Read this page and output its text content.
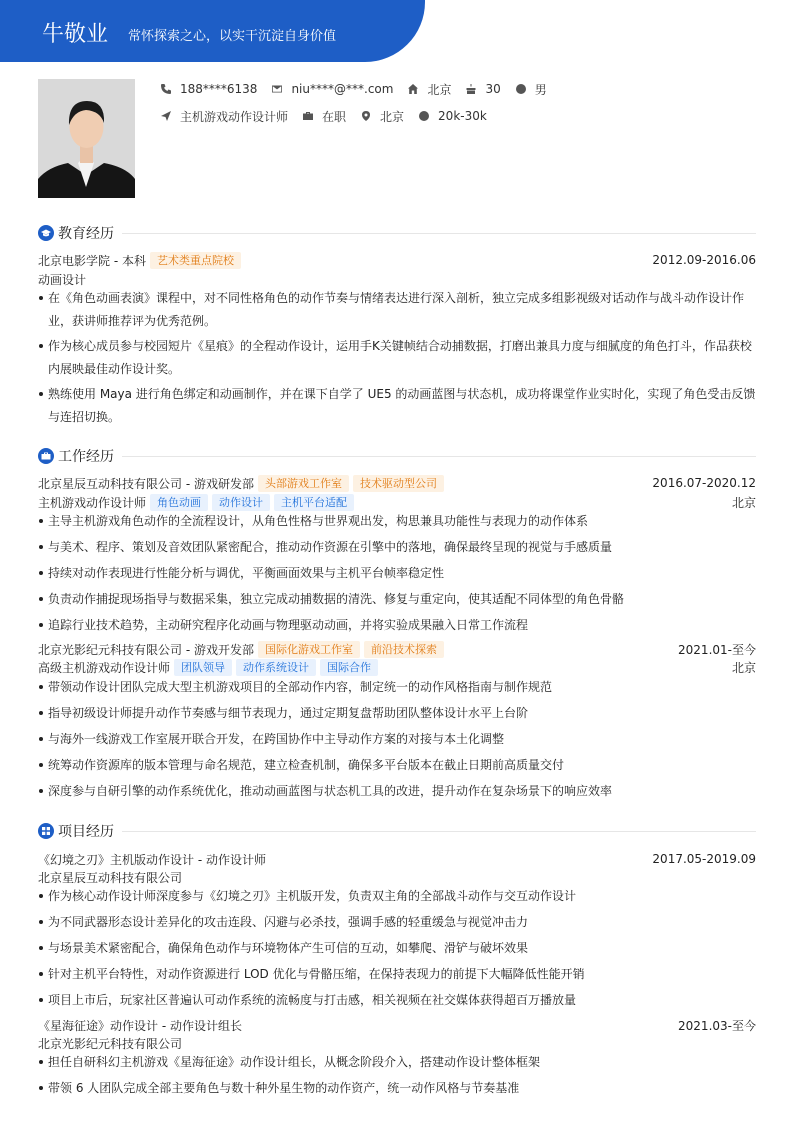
牛敬业 常怀探索之心，以实干沉淀自身价值
188****6138	niu****@***.com	北京	30	男
主机游戏动作设计师	在职	北京	20k-30k
教育经历
北京电影学院 - 本科	艺术类重点院校	2012.09-2016.06
动画设计
在《角色动画表演》课程中，对不同性格角色的动作节奏与情绪表达进行深入剖析，独立完成多组影视级对话动作与战斗动作设计作
业，获讲师推荐评为优秀范例。
作为核心成员参与校园短片《星痕》的全程动作设计，运用手K关键帧结合动捕数据，打磨出兼具力度与细腻度的角色打斗，作品获校
内展映最佳动作设计奖。
熟练使用 Maya 进行角色绑定和动画制作，并在课下自学了 UE5 的动画蓝图与状态机，成功将课堂作业实时化，实现了角色受击反馈
与连招切换。
工作经历
北京星辰互动科技有限公司 - 游戏研发部	头部游戏工作室	技术驱动型公司	2016.07-2020.12
主机游戏动作设计师	角色动画	动作设计	主机平台适配	北京
主导主机游戏角色动作的全流程设计，从角色性格与世界观出发，构思兼具功能性与表现力的动作体系
与美术、程序、策划及音效团队紧密配合，推动动作资源在引擎中的落地，确保最终呈现的视觉与手感质量
持续对动作表现进行性能分析与调优，平衡画面效果与主机平台帧率稳定性
负责动作捕捉现场指导与数据采集，独立完成动捕数据的清洗、修复与重定向，使其适配不同体型的角色骨骼
追踪行业技术趋势，主动研究程序化动画与物理驱动动画，并将实验成果融入日常工作流程
北京光影纪元科技有限公司 - 游戏开发部	国际化游戏工作室	前沿技术探索	2021.01-至今
高级主机游戏动作设计师	团队领导	动作系统设计	国际合作	北京
带领动作设计团队完成大型主机游戏项目的全部动作内容，制定统一的动作风格指南与制作规范
指导初级设计师提升动作节奏感与细节表现力，通过定期复盘帮助团队整体设计水平上台阶
与海外一线游戏工作室展开联合开发，在跨国协作中主导动作方案的对接与本土化调整
统筹动作资源库的版本管理与命名规范，建立检查机制，确保多平台版本在截止日期前高质量交付
深度参与自研引擎的动作系统优化，推动动画蓝图与状态机工具的改进，提升动作在复杂场景下的响应效率
项目经历
《幻境之刃》主机版动作设计 - 动作设计师	2017.05-2019.09
北京星辰互动科技有限公司
作为核心动作设计师深度参与《幻境之刃》主机版开发，负责双主角的全部战斗动作与交互动作设计
为不同武器形态设计差异化的攻击连段、闪避与必杀技，强调手感的轻重缓急与视觉冲击力
与场景美术紧密配合，确保角色动作与环境物体产生可信的互动，如攀爬、滑铲与破坏效果
针对主机平台特性，对动作资源进行 LOD 优化与骨骼压缩，在保持表现力的前提下大幅降低性能开销
项目上市后，玩家社区普遍认可动作系统的流畅度与打击感，相关视频在社交媒体获得超百万播放量
《星海征途》动作设计 - 动作设计组长	2021.03-至今
北京光影纪元科技有限公司
担任自研科幻主机游戏《星海征途》动作设计组长，从概念阶段介入，搭建动作设计整体框架
带领 6 人团队完成全部主要角色与数十种外星生物的动作资产，统一动作风格与节奏基准
